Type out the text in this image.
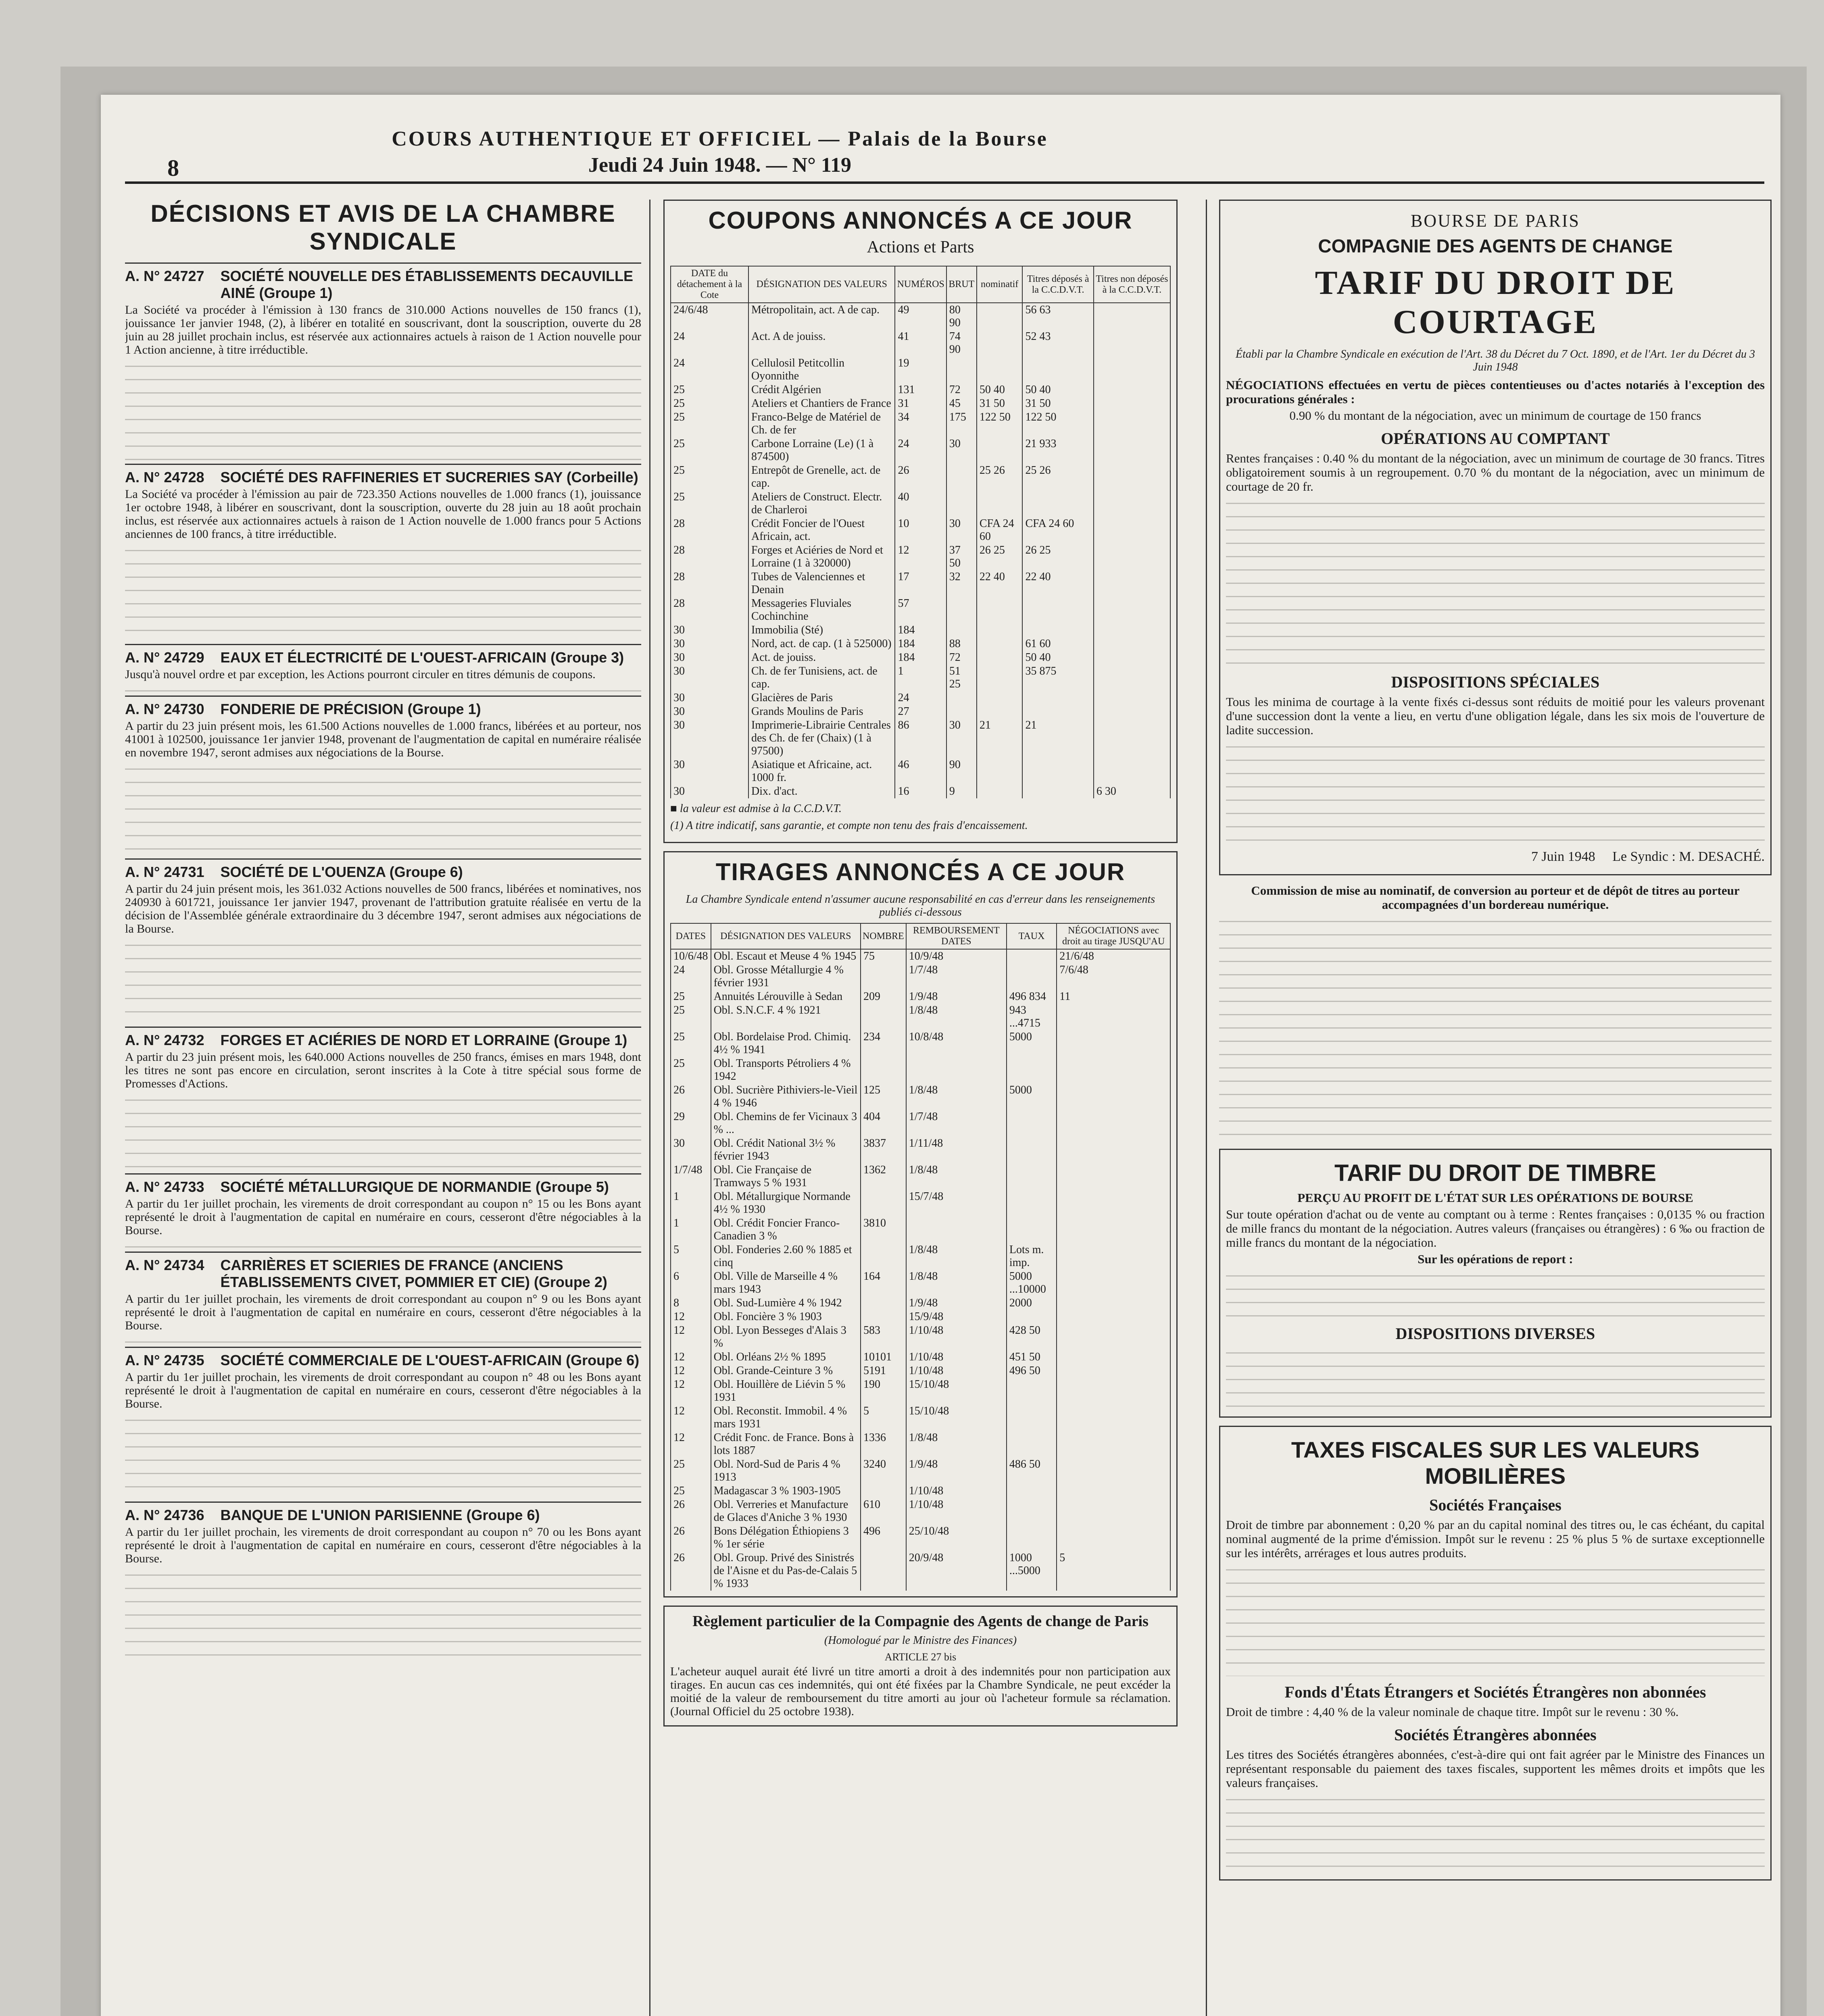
8
COURS AUTHENTIQUE ET OFFICIEL — Palais de la Bourse
Jeudi 24 Juin 1948. — N° 119
DÉCISIONS ET AVIS DE LA CHAMBRE SYNDICALE
A. N° 24727 SOCIÉTÉ NOUVELLE DES ÉTABLISSEMENTS DECAUVILLE AINÉ (Groupe 1)
La Société va procéder à l'émission à 130 francs de 310.000 Actions nouvelles de 150 francs (1), jouissance 1er janvier 1948, (2), à libérer en totalité en souscrivant, dont la souscription, ouverte du 28 juin au 28 juillet prochain inclus, est réservée aux actionnaires actuels à raison de 1 Action nouvelle pour 1 Action ancienne, à titre irréductible.
A. N° 24728 SOCIÉTÉ DES RAFFINERIES ET SUCRERIES SAY (Corbeille)
La Société va procéder à l'émission au pair de 723.350 Actions nouvelles de 1.000 francs (1), jouissance 1er octobre 1948, à libérer en souscrivant, dont la souscription, ouverte du 28 juin au 18 août prochain inclus, est réservée aux actionnaires actuels à raison de 1 Action nouvelle de 1.000 francs pour 5 Actions anciennes de 100 francs, à titre irréductible.
A. N° 24729 EAUX ET ÉLECTRICITÉ DE L'OUEST-AFRICAIN (Groupe 3)
Jusqu'à nouvel ordre et par exception, les Actions pourront circuler en titres démunis de coupons.
A. N° 24730 FONDERIE DE PRÉCISION (Groupe 1)
A partir du 23 juin présent mois, les 61.500 Actions nouvelles de 1.000 francs, libérées et au porteur, nos 41001 à 102500, jouissance 1er janvier 1948, provenant de l'augmentation de capital en numéraire réalisée en novembre 1947, seront admises aux négociations de la Bourse.
A. N° 24731 SOCIÉTÉ DE L'OUENZA (Groupe 6)
A partir du 24 juin présent mois, les 361.032 Actions nouvelles de 500 francs, libérées et nominatives, nos 240930 à 601721, jouissance 1er janvier 1947, provenant de l'attribution gratuite réalisée en vertu de la décision de l'Assemblée générale extraordinaire du 3 décembre 1947, seront admises aux négociations de la Bourse.
A. N° 24732 FORGES ET ACIÉRIES DE NORD ET LORRAINE (Groupe 1)
A partir du 23 juin présent mois, les 640.000 Actions nouvelles de 250 francs, émises en mars 1948, dont les titres ne sont pas encore en circulation, seront inscrites à la Cote à titre spécial sous forme de Promesses d'Actions.
A. N° 24733 SOCIÉTÉ MÉTALLURGIQUE DE NORMANDIE (Groupe 5)
A partir du 1er juillet prochain, les virements de droit correspondant au coupon n° 15 ou les Bons ayant représenté le droit à l'augmentation de capital en numéraire en cours, cesseront d'être négociables à la Bourse.
A. N° 24734 CARRIÈRES ET SCIERIES DE FRANCE (ANCIENS ÉTABLISSEMENTS CIVET, POMMIER ET CIE) (Groupe 2)
A partir du 1er juillet prochain, les virements de droit correspondant au coupon n° 9 ou les Bons ayant représenté le droit à l'augmentation de capital en numéraire en cours, cesseront d'être négociables à la Bourse.
A. N° 24735 SOCIÉTÉ COMMERCIALE DE L'OUEST-AFRICAIN (Groupe 6)
A partir du 1er juillet prochain, les virements de droit correspondant au coupon n° 48 ou les Bons ayant représenté le droit à l'augmentation de capital en numéraire en cours, cesseront d'être négociables à la Bourse.
A. N° 24736 BANQUE DE L'UNION PARISIENNE (Groupe 6)
A partir du 1er juillet prochain, les virements de droit correspondant au coupon n° 70 ou les Bons ayant représenté le droit à l'augmentation de capital en numéraire en cours, cesseront d'être négociables à la Bourse.
COUPONS ANNONCÉS A CE JOUR
Actions et Parts
DATE du détachement à la Cote	DÉSIGNATION DES VALEURS	NUMÉROS	BRUT	nominatif	Titres déposés à la C.C.D.V.T.	Titres non déposés à la C.C.D.V.T.
24/6/48	Métropolitain, act. A de cap.	49	80 90		56 63	
24	Act. A de jouiss.	41	74 90		52 43	
24	Cellulosil Petitcollin Oyonnithe	19				
25	Crédit Algérien	131	72	50 40	50 40	
25	Ateliers et Chantiers de France	31	45	31 50	31 50	
25	Franco-Belge de Matériel de Ch. de fer	34	175	122 50	122 50	
25	Carbone Lorraine (Le) (1 à 874500)	24	30		21 933	
25	Entrepôt de Grenelle, act. de cap.	26		25 26	25 26	
25	Ateliers de Construct. Electr. de Charleroi	40				
28	Crédit Foncier de l'Ouest Africain, act.	10	30	CFA 24 60	CFA 24 60	
28	Forges et Aciéries de Nord et Lorraine (1 à 320000)	12	37 50	26 25	26 25	
28	Tubes de Valenciennes et Denain	17	32	22 40	22 40	
28	Messageries Fluviales Cochinchine	57				
30	Immobilia (Sté)	184				
30	Nord, act. de cap. (1 à 525000)	184	88		61 60	
30	Act. de jouiss.	184	72		50 40	
30	Ch. de fer Tunisiens, act. de cap.	1	51 25		35 875	
30	Glacières de Paris	24				
30	Grands Moulins de Paris	27				
30	Imprimerie-Librairie Centrales des Ch. de fer (Chaix) (1 à 97500)	86	30	21	21	
30	Asiatique et Africaine, act. 1000 fr.	46	90			
30	Dix. d'act.	16	9			6 30
■ la valeur est admise à la C.C.D.V.T.
(1) A titre indicatif, sans garantie, et compte non tenu des frais d'encaissement.
TIRAGES ANNONCÉS A CE JOUR
La Chambre Syndicale entend n'assumer aucune responsabilité en cas d'erreur dans les renseignements publiés ci-dessous
DATES	DÉSIGNATION DES VALEURS	NOMBRE	REMBOURSEMENT DATES	TAUX	NÉGOCIATIONS avec droit au tirage JUSQU'AU
10/6/48	Obl. Escaut et Meuse 4 % 1945	75	10/9/48		21/6/48
24	Obl. Grosse Métallurgie 4 % février 1931		1/7/48		7/6/48
25	Annuités Lérouville à Sedan	209	1/9/48	496 834	11
25	Obl. S.N.C.F. 4 % 1921		1/8/48	943 ...4715	
25	Obl. Bordelaise Prod. Chimiq. 4½ % 1941	234	10/8/48	5000	
25	Obl. Transports Pétroliers 4 % 1942				
26	Obl. Sucrière Pithiviers-le-Vieil 4 % 1946	125	1/8/48	5000	
29	Obl. Chemins de fer Vicinaux 3 % ...	404	1/7/48		
30	Obl. Crédit National 3½ % février 1943	3837	1/11/48		
1/7/48	Obl. Cie Française de Tramways 5 % 1931	1362	1/8/48		
1	Obl. Métallurgique Normande 4½ % 1930		15/7/48		
1	Obl. Crédit Foncier Franco-Canadien 3 %	3810			
5	Obl. Fonderies 2.60 % 1885 et cinq		1/8/48	Lots m. imp.	
6	Obl. Ville de Marseille 4 % mars 1943	164	1/8/48	5000 ...10000	
8	Obl. Sud-Lumière 4 % 1942		1/9/48	2000	
12	Obl. Foncière 3 % 1903		15/9/48		
12	Obl. Lyon Besseges d'Alais 3 %	583	1/10/48	428 50	
12	Obl. Orléans 2½ % 1895	10101	1/10/48	451 50	
12	Obl. Grande-Ceinture 3 %	5191	1/10/48	496 50	
12	Obl. Houillère de Liévin 5 % 1931	190	15/10/48		
12	Obl. Reconstit. Immobil. 4 % mars 1931	5	15/10/48		
12	Crédit Fonc. de France. Bons à lots 1887	1336	1/8/48		
25	Obl. Nord-Sud de Paris 4 % 1913	3240	1/9/48	486 50	
25	Madagascar 3 % 1903-1905		1/10/48		
26	Obl. Verreries et Manufacture de Glaces d'Aniche 3 % 1930	610	1/10/48		
26	Bons Délégation Éthiopiens 3 % 1er série	496	25/10/48		
26	Obl. Group. Privé des Sinistrés de l'Aisne et du Pas-de-Calais 5 % 1933		20/9/48	1000 ...5000	5
Règlement particulier de la Compagnie des Agents de change de Paris
(Homologué par le Ministre des Finances)
ARTICLE 27 bis
L'acheteur auquel aurait été livré un titre amorti a droit à des indemnités pour non participation aux tirages. En aucun cas ces indemnités, qui ont été fixées par la Chambre Syndicale, ne peut excéder la moitié de la valeur de remboursement du titre amorti au jour où l'acheteur formule sa réclamation. (Journal Officiel du 25 octobre 1938).
BOURSE DE PARIS
COMPAGNIE DES AGENTS DE CHANGE
TARIF DU DROIT DE COURTAGE
Établi par la Chambre Syndicale en exécution de l'Art. 38 du Décret du 7 Oct. 1890, et de l'Art. 1er du Décret du 3 Juin 1948
NÉGOCIATIONS effectuées en vertu de pièces contentieuses ou d'actes notariés à l'exception des procurations générales :
0.90 % du montant de la négociation, avec un minimum de courtage de 150 francs
OPÉRATIONS AU COMPTANT
Rentes françaises : 0.40 % du montant de la négociation, avec un minimum de courtage de 30 francs. Titres obligatoirement soumis à un regroupement. 0.70 % du montant de la négociation, avec un minimum de courtage de 20 fr.
DISPOSITIONS SPÉCIALES
Tous les minima de courtage à la vente fixés ci-dessus sont réduits de moitié pour les valeurs provenant d'une succession dont la vente a lieu, en vertu d'une obligation légale, dans les six mois de l'ouverture de ladite succession.
7 Juin 1948 Le Syndic : M. DESACHÉ.
Commission de mise au nominatif, de conversion au porteur et de dépôt de titres au porteur accompagnées d'un bordereau numérique.
TARIF DU DROIT DE TIMBRE
PERÇU AU PROFIT DE L'ÉTAT SUR LES OPÉRATIONS DE BOURSE
Sur toute opération d'achat ou de vente au comptant ou à terme : Rentes françaises : 0,0135 % ou fraction de mille francs du montant de la négociation. Autres valeurs (françaises ou étrangères) : 6 ‰ ou fraction de mille francs du montant de la négociation.
Sur les opérations de report :
DISPOSITIONS DIVERSES
TAXES FISCALES SUR LES VALEURS MOBILIÈRES
Sociétés Françaises
Droit de timbre par abonnement : 0,20 % par an du capital nominal des titres ou, le cas échéant, du capital nominal augmenté de la prime d'émission. Impôt sur le revenu : 25 % plus 5 % de surtaxe exceptionnelle sur les intérêts, arrérages et lous autres produits.
Fonds d'États Étrangers et Sociétés Étrangères non abonnées
Droit de timbre : 4,40 % de la valeur nominale de chaque titre. Impôt sur le revenu : 30 %.
Sociétés Étrangères abonnées
Les titres des Sociétés étrangères abonnées, c'est-à-dire qui ont fait agréer par le Ministre des Finances un représentant responsable du paiement des taxes fiscales, supportent les mêmes droits et impôts que les valeurs françaises.
